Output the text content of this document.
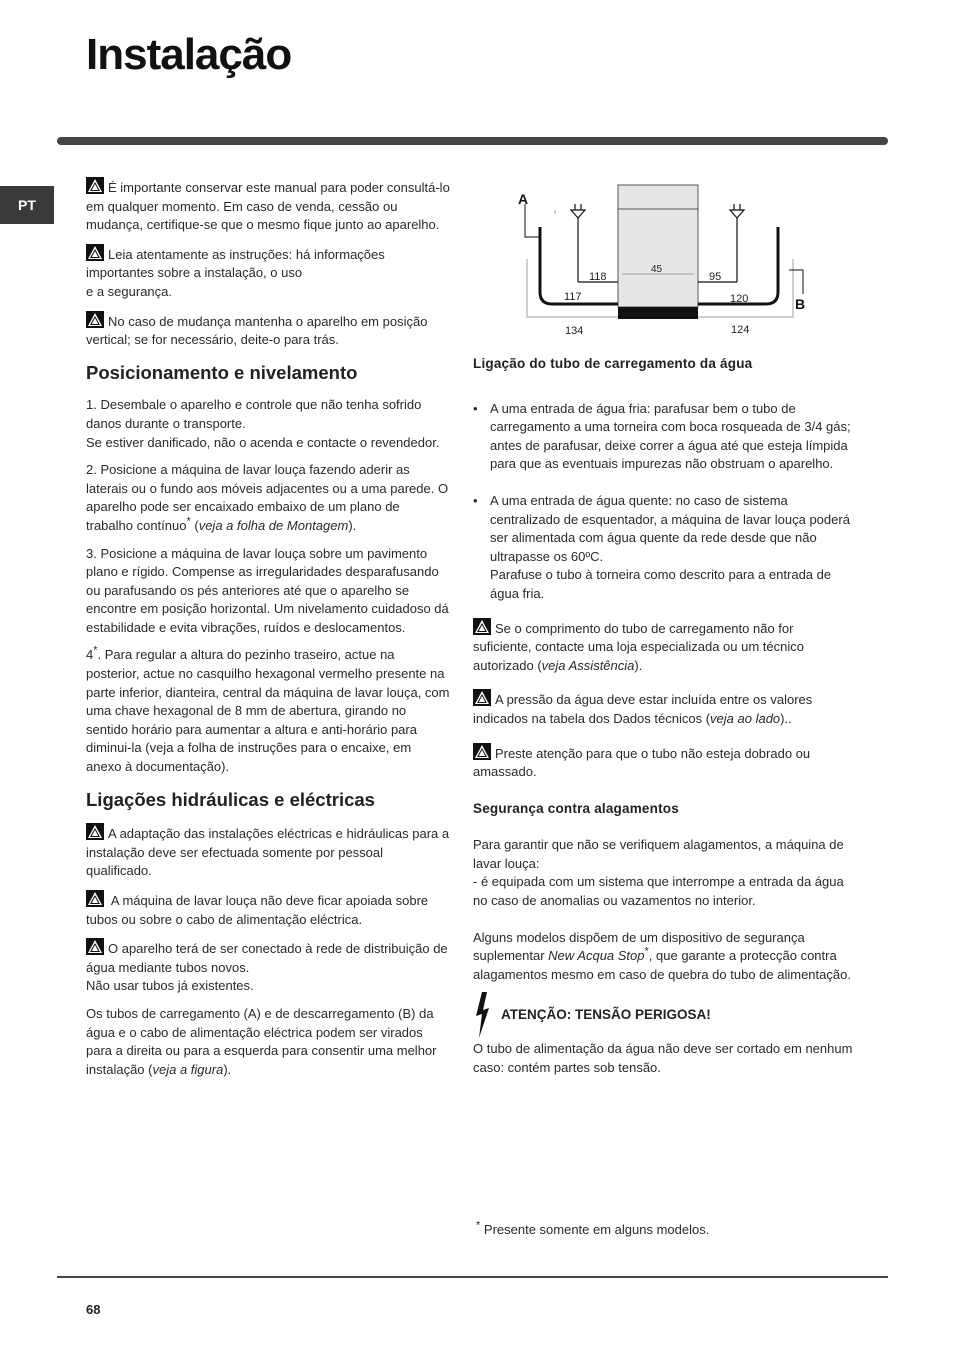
Instalação
PT

É importante conservar este manual para poder consultá-lo em qualquer momento. Em caso de venda, cessão ou mudança, certifique-se que o mesmo fique junto ao aparelho.

Leia atentamente as instruções: há informações importantes sobre a instalação, o uso
e a segurança.

No caso de mudança mantenha o aparelho em posição vertical; se for necessário, deite-o para trás.

Posicionamento e nivelamento

1. Desembale o aparelho e controle que não tenha sofrido danos durante o transporte.
Se estiver danificado, não o acenda e contacte o revendedor.

2. Posicione a máquina de lavar louça fazendo aderir as laterais ou o fundo aos móveis adjacentes ou a uma parede. O aparelho pode ser encaixado embaixo de um plano de trabalho contínuo* (veja a folha de Montagem).

3. Posicione a máquina de lavar louça sobre um pavimento plano e rígido. Compense as irregularidades desparafusando ou parafusando os pés anteriores até que o aparelho se encontre em posição horizontal. Um nivelamento cuidadoso dá estabilidade e evita vibrações, ruídos e deslocamentos.

4*. Para regular a altura do pezinho traseiro, actue na posterior, actue no casquilho hexagonal vermelho presente na parte inferior, dianteira, central da máquina de lavar louça, com uma chave hexagonal de 8 mm de abertura, girando no sentido horário para aumentar a altura e anti-horário para diminui-la (veja a folha de instruções para o encaixe, em anexo à documentação).

Ligações hidráulicas e eléctricas

A adaptação das instalações eléctricas e hidráulicas para a instalação deve ser efectuada somente por pessoal qualificado.

A máquina de lavar louça não deve ficar apoiada sobre tubos ou sobre o cabo de alimentação eléctrica.

O aparelho terá de ser conectado à rede de distribuição de água mediante tubos novos.
Não usar tubos já existentes.

Os tubos de carregamento (A) e de descarregamento (B) da água e o cabo de alimentação eléctrica podem ser virados para a direita ou para a esquerda para consentir uma melhor instalação (veja a figura).

A
B
45
118	95
117	120
134	124
Ligação do tubo de carregamento da água
• A uma entrada de água fria: parafusar bem o tubo de carregamento a uma torneira com boca rosqueada de 3/4 gás; antes de parafusar, deixe correr a água até que esteja límpida para que as eventuais impurezas não obstruam o aparelho.
• A uma entrada de água quente: no caso de sistema centralizado de esquentador, a máquina de lavar louça poderá ser alimentada com água quente da rede desde que não ultrapasse os 60ºC.
Parafuse o tubo à torneira como descrito para a entrada de água fria.

Se o comprimento do tubo de carregamento não for suficiente, contacte uma loja especializada ou um técnico autorizado (veja Assistência).

A pressão da água deve estar incluída entre os valores indicados na tabela dos Dados técnicos (veja ao lado)..

Preste atenção para que o tubo não esteja dobrado ou amassado.

Segurança contra alagamentos

Para garantir que não se verifiquem alagamentos, a máquina de lavar louça:
- é equipada com um sistema que interrompe a entrada da água no caso de anomalias ou vazamentos no interior.

Alguns modelos dispõem de um dispositivo de segurança suplementar New Acqua Stop*, que garante a protecção contra alagamentos mesmo em caso de quebra do tubo de alimentação.

ATENÇÃO: TENSÃO PERIGOSA!

O tubo de alimentação da água não deve ser cortado em nenhum caso: contém partes sob tensão.

* Presente somente em alguns modelos.
68
